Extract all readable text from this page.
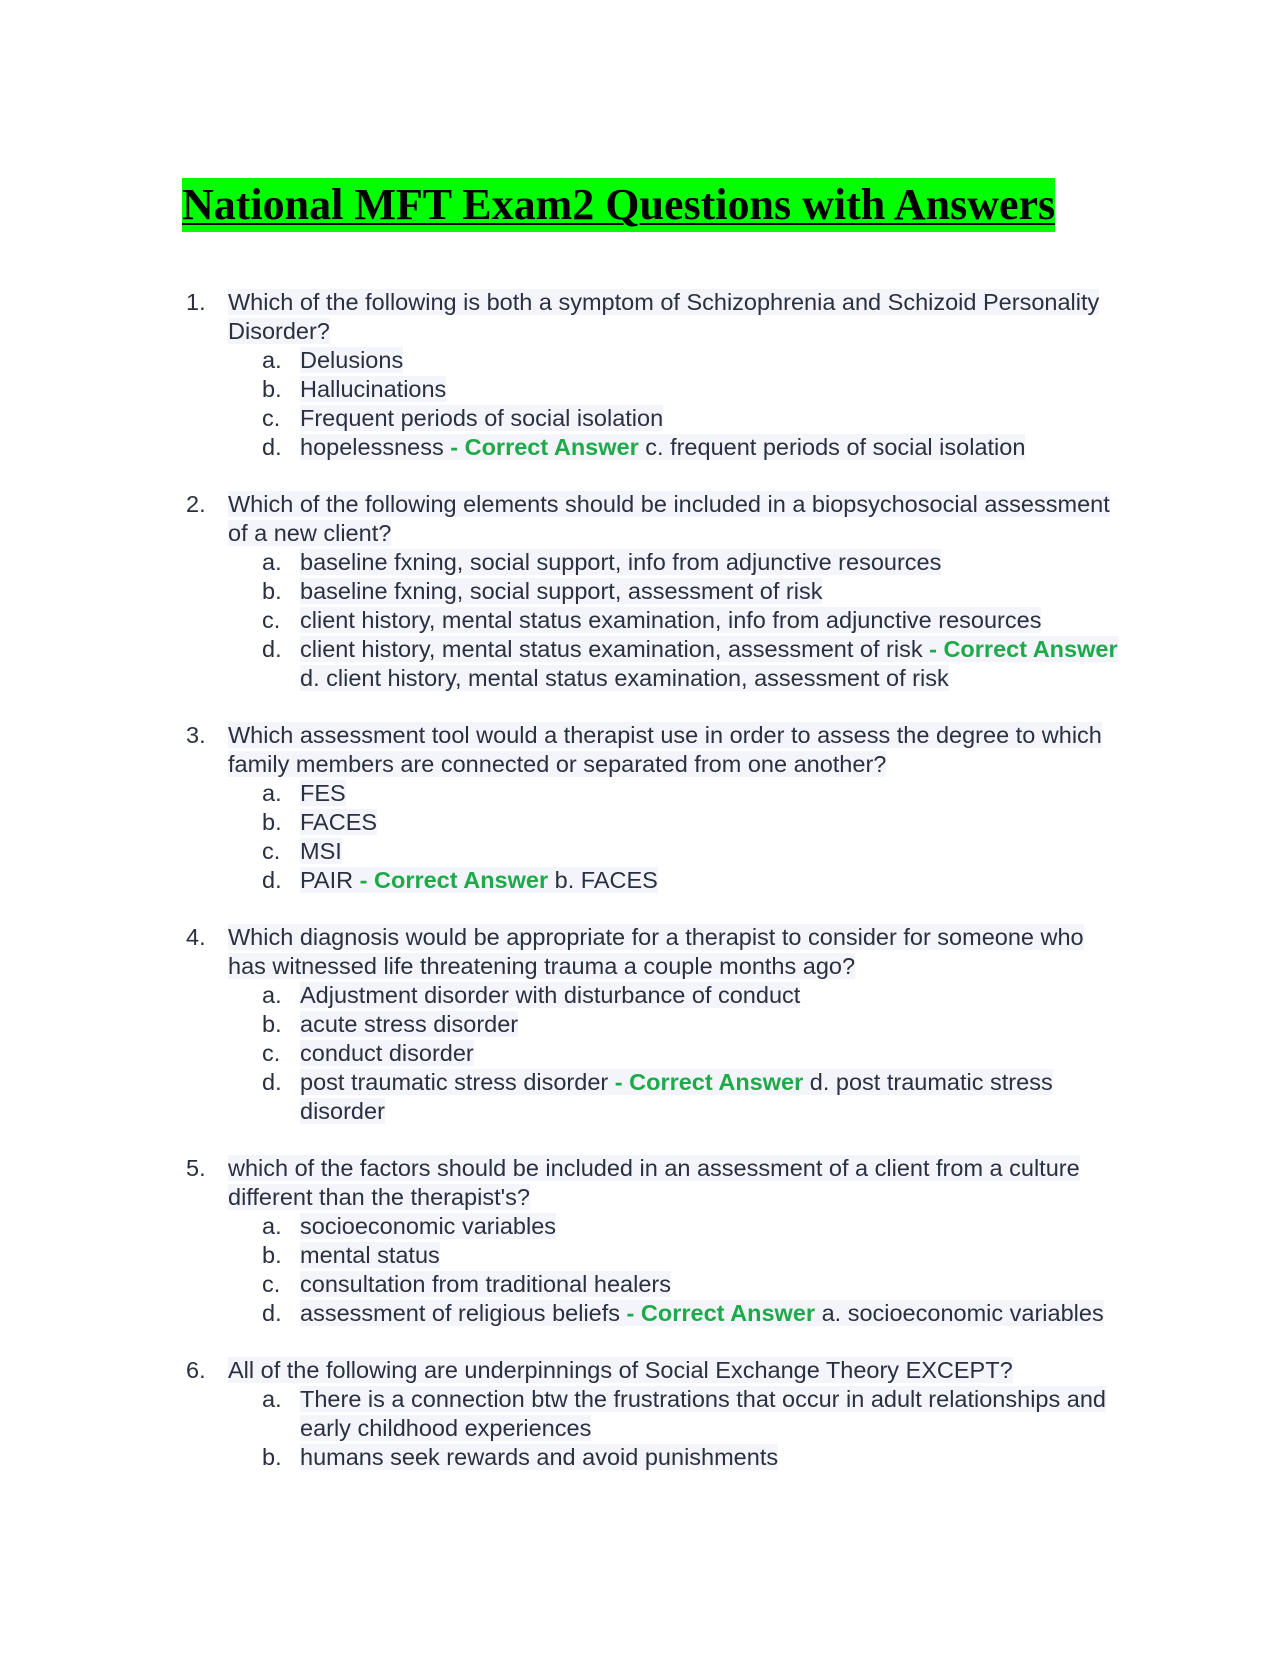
National MFT Exam2 Questions with Answers
1. Which of the following is both a symptom of Schizophrenia and Schizoid Personality Disorder?
a. Delusions
b. Hallucinations
c. Frequent periods of social isolation
d. hopelessness - Correct Answer c. frequent periods of social isolation
2. Which of the following elements should be included in a biopsychosocial assessment of a new client?
a. baseline fxning, social support, info from adjunctive resources
b. baseline fxning, social support, assessment of risk
c. client history, mental status examination, info from adjunctive resources
d. client history, mental status examination, assessment of risk - Correct Answer d. client history, mental status examination, assessment of risk
3. Which assessment tool would a therapist use in order to assess the degree to which family members are connected or separated from one another?
a. FES
b. FACES
c. MSI
d. PAIR - Correct Answer b. FACES
4. Which diagnosis would be appropriate for a therapist to consider for someone who has witnessed life threatening trauma a couple months ago?
a. Adjustment disorder with disturbance of conduct
b. acute stress disorder
c. conduct disorder
d. post traumatic stress disorder - Correct Answer d. post traumatic stress disorder
5. which of the factors should be included in an assessment of a client from a culture different than the therapist's?
a. socioeconomic variables
b. mental status
c. consultation from traditional healers
d. assessment of religious beliefs - Correct Answer a. socioeconomic variables
6. All of the following are underpinnings of Social Exchange Theory EXCEPT?
a. There is a connection btw the frustrations that occur in adult relationships and early childhood experiences
b. humans seek rewards and avoid punishments
